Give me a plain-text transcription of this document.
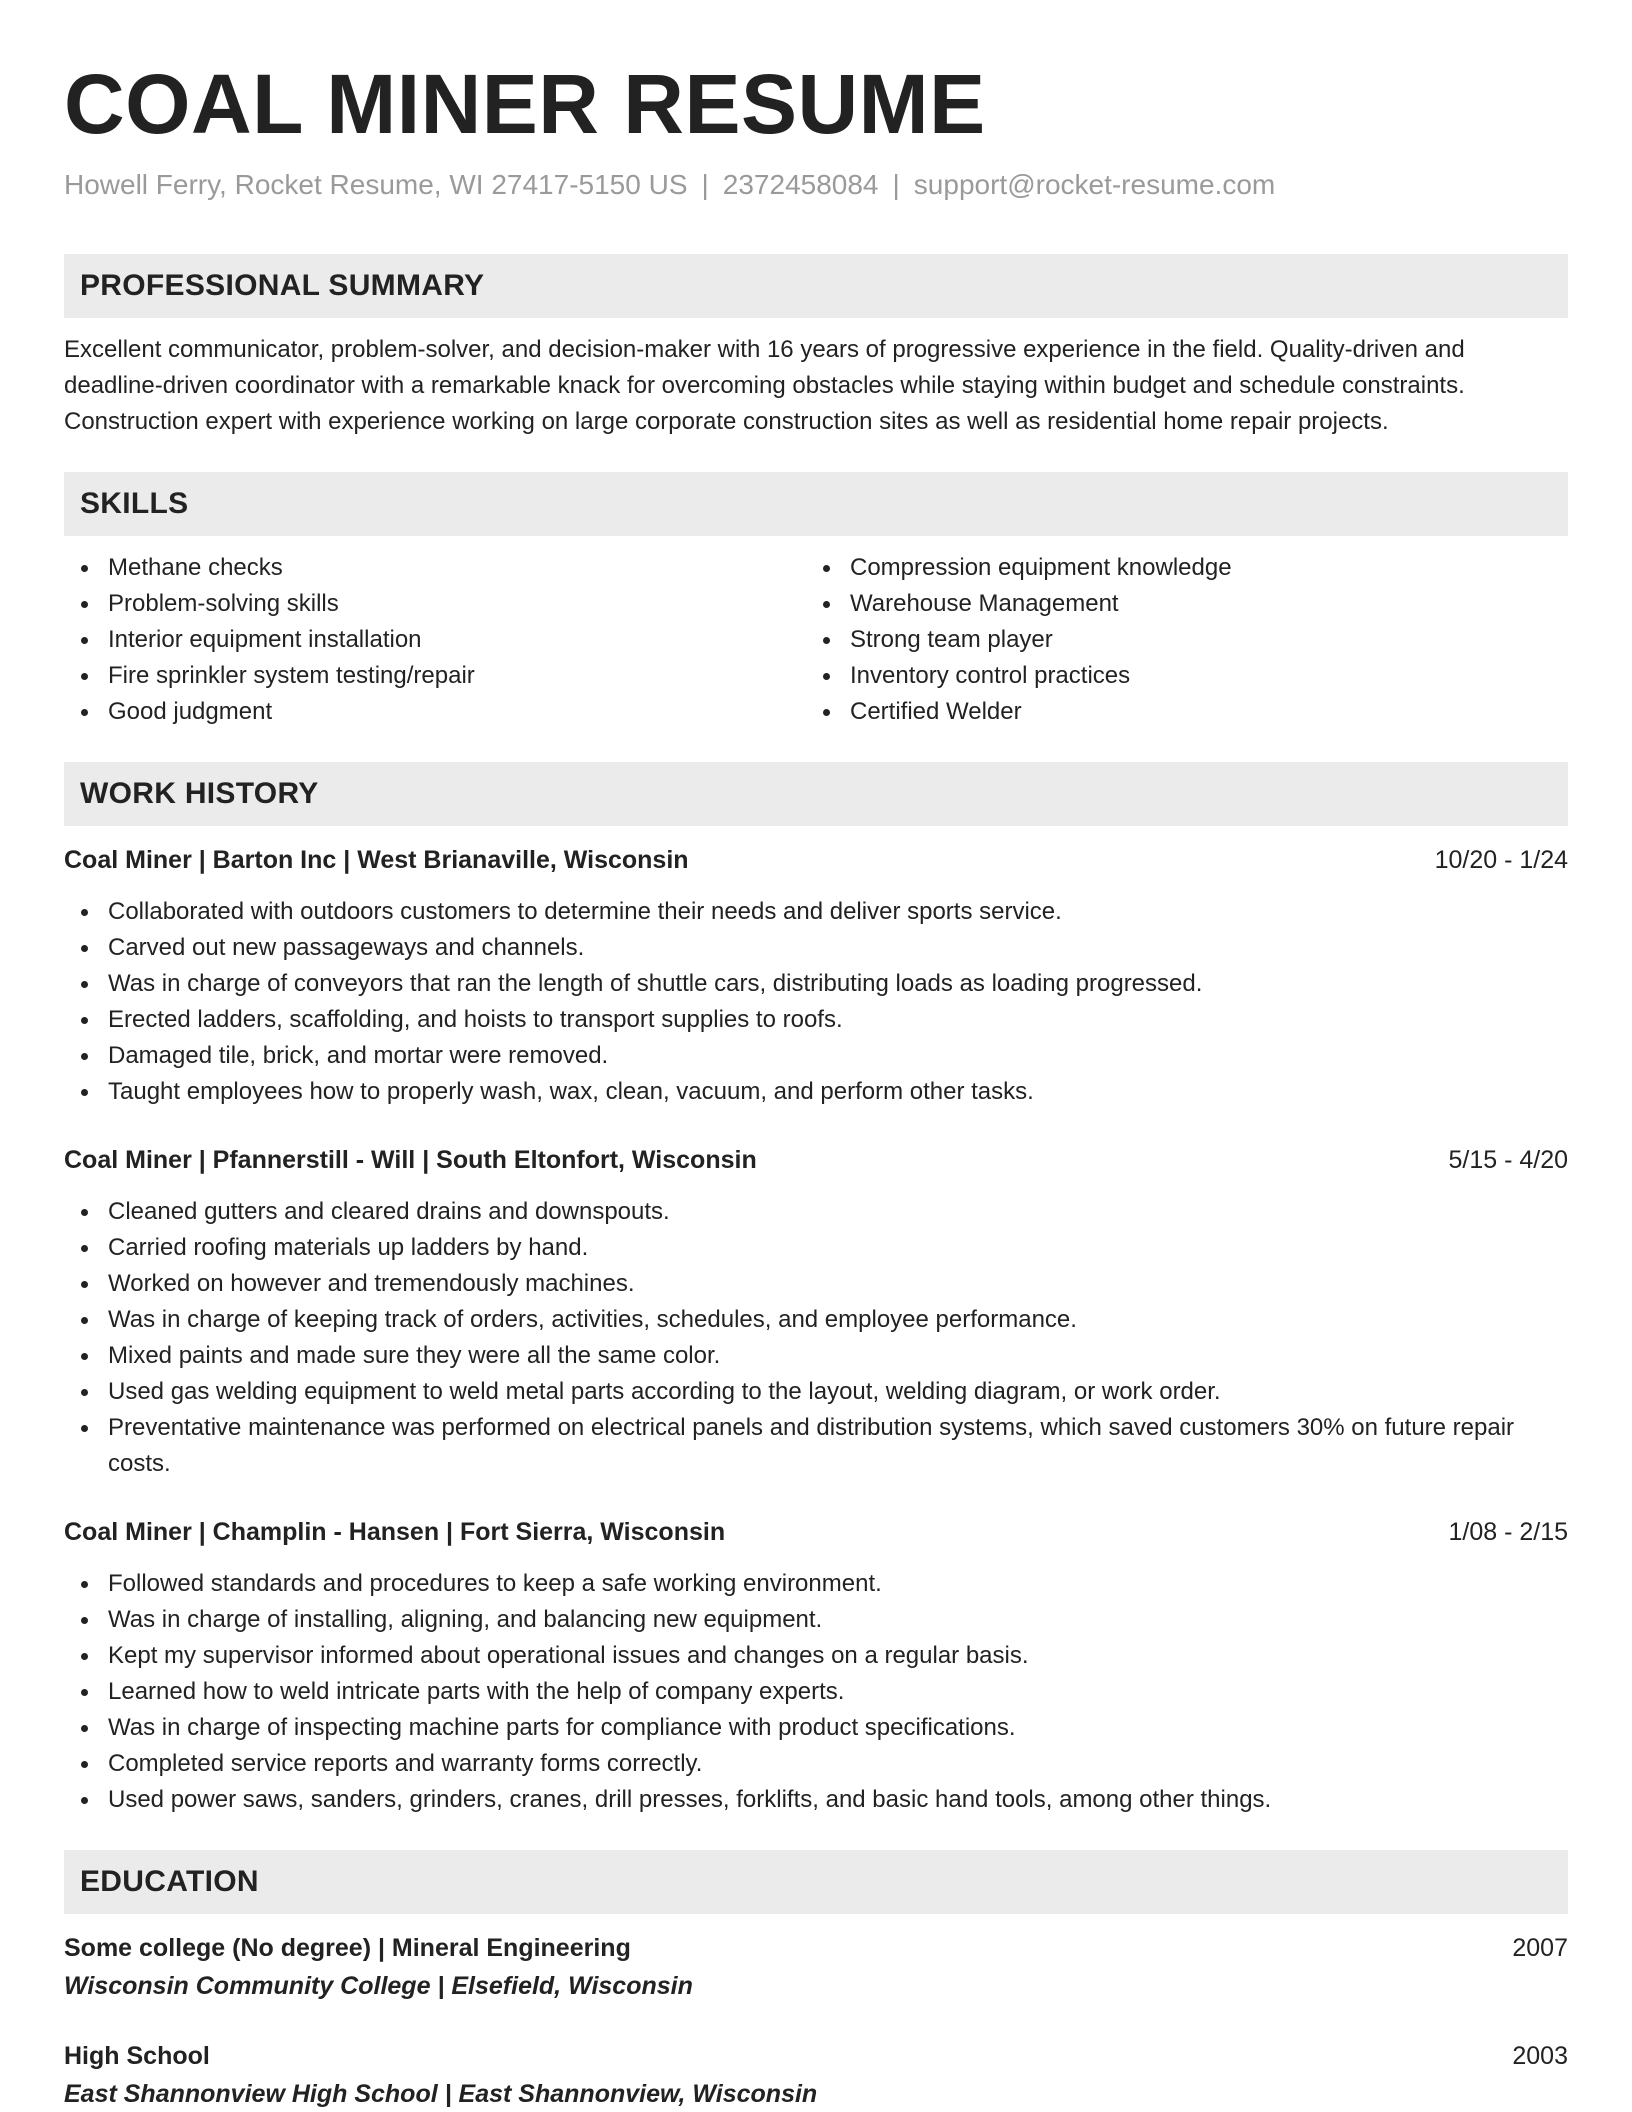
COAL MINER RESUME
Howell Ferry, Rocket Resume, WI 27417-5150 US | 2372458084 | support@rocket-resume.com
PROFESSIONAL SUMMARY

Excellent communicator, problem-solver, and decision-maker with 16 years of progressive experience in the field. Quality-driven and deadline-driven coordinator with a remarkable knack for overcoming obstacles while staying within budget and schedule constraints. Construction expert with experience working on large corporate construction sites as well as residential home repair projects.

SKILLS
Methane checks
Problem-solving skills
Interior equipment installation
Fire sprinkler system testing/repair
Good judgment
Compression equipment knowledge
Warehouse Management
Strong team player
Inventory control practices
Certified Welder
WORK HISTORY
Coal Miner | Barton Inc | West Brianaville, Wisconsin	10/20 - 1/24
Collaborated with outdoors customers to determine their needs and deliver sports service.
Carved out new passageways and channels.
Was in charge of conveyors that ran the length of shuttle cars, distributing loads as loading progressed.
Erected ladders, scaffolding, and hoists to transport supplies to roofs.
Damaged tile, brick, and mortar were removed.
Taught employees how to properly wash, wax, clean, vacuum, and perform other tasks.
Coal Miner | Pfannerstill - Will | South Eltonfort, Wisconsin	5/15 - 4/20
Cleaned gutters and cleared drains and downspouts.
Carried roofing materials up ladders by hand.
Worked on however and tremendously machines.
Was in charge of keeping track of orders, activities, schedules, and employee performance.
Mixed paints and made sure they were all the same color.
Used gas welding equipment to weld metal parts according to the layout, welding diagram, or work order.
Preventative maintenance was performed on electrical panels and distribution systems, which saved customers 30% on future repair costs.
Coal Miner | Champlin - Hansen | Fort Sierra, Wisconsin	1/08 - 2/15
Followed standards and procedures to keep a safe working environment.
Was in charge of installing, aligning, and balancing new equipment.
Kept my supervisor informed about operational issues and changes on a regular basis.
Learned how to weld intricate parts with the help of company experts.
Was in charge of inspecting machine parts for compliance with product specifications.
Completed service reports and warranty forms correctly.
Used power saws, sanders, grinders, cranes, drill presses, forklifts, and basic hand tools, among other things.
EDUCATION
Some college (No degree) | Mineral Engineering	2007
Wisconsin Community College | Elsefield, Wisconsin
High School	2003
East Shannonview High School | East Shannonview, Wisconsin
